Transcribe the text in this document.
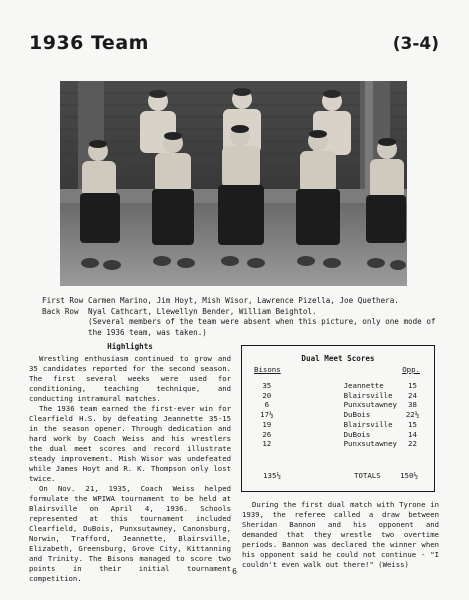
1936 Team	(3-4)
First Row Carmen Marino, Jim Hoyt, Mish Wisor, Lawrence Pizella, Joe Quethera.
Back Row	Nyal Cathcart, Llewellyn Bender, William Beightol.
(Several members of the team were absent when this picture, only one mode of the 1936 team, was taken.)
Highlights

Wrestling enthusiasm continued to grow and 35 candidates reported for the second season. The first several weeks were used for conditioning, teaching technique, and conducting intramural matches.

The 1936 team earned the first-ever win for Clearfield H.S. by defeating Jeannette 35-15 in the season opener. Through dedication and hard work by Coach Weiss and his wrestlers the dual meet scores and record illustrate steady improvement. Mish Wisor was undefeated while James Hoyt and R. K. Thompson only lost twice.

On Nov. 21, 1935, Coach Weiss helped formulate the WPIWA tournament to be held at Blairsville on April 4, 1936. Schools represented at this tournament included Clearfield, DuBois, Punxsutawney, Canonsburg, Norwin, Trafford, Jeannette, Blairsville, Elizabeth, Greensburg, Grove City, Kittanning and Trinity. The Bisons managed to score two points in their initial tournament competition.

Dual Meet Scores
Bisons	Opp.
35	Jeannette	15
20	Blairsville	24
6	Punxsutawney	38
17½	DuBois	22½
19	Blairsville	15
26	DuBois	14
12	Punxsutawney	22
135½	TOTALS	150½

During the first dual match with Tyrone in 1939, the referee called a draw between Sheridan Bannon and his opponent and demanded that they wrestle two overtime periods. Bannon was declared the winner when his opponent said he could not continue - "I couldn't even walk out there!" (Weiss)

6
